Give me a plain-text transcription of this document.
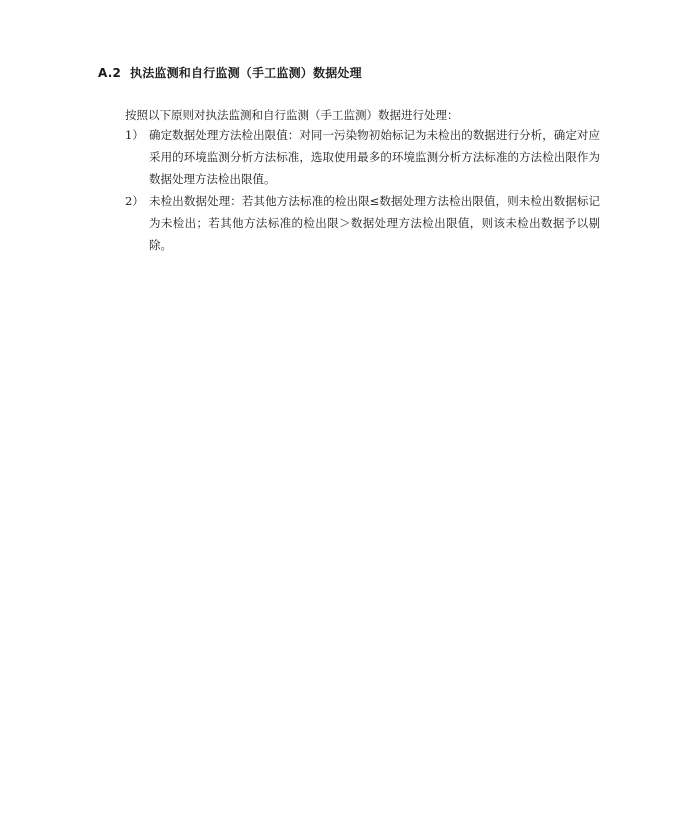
A.2 执法监测和自行监测（手工监测）数据处理
按照以下原则对执法监测和自行监测（手工监测）数据进行处理：
1） 确定数据处理方法检出限值：对同一污染物初始标记为未检出的数据进行分析，确定对应采用的环境监测分析方法标准，选取使用最多的环境监测分析方法标准的方法检出限作为数据处理方法检出限值。
2） 未检出数据处理：若其他方法标准的检出限≤数据处理方法检出限值，则未检出数据标记为未检出；若其他方法标准的检出限＞数据处理方法检出限值，则该未检出数据予以剔除。
